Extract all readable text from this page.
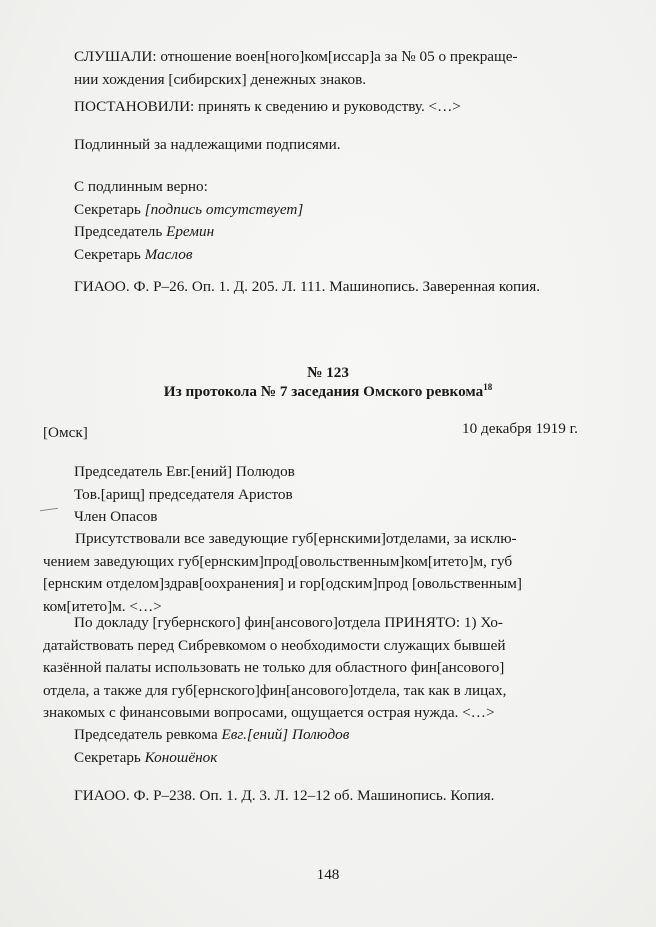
СЛУШАЛИ: отношение воен[ного]ком[иссар]а за № 05 о прекраще-
нии хождения [сибирских] денежных знаков.
ПОСТАНОВИЛИ: принять к сведению и руководству. <…>
Подлинный за надлежащими подписями.
С подлинным верно:
Секретарь [подпись отсутствует]
Председатель Еремин
Секретарь Маслов
ГИАОО. Ф. Р–26. Оп. 1. Д. 205. Л. 111. Машинопись. Заверенная копия.
№ 123
Из протокола № 7 заседания Омского ревкома$^{18}$
[Омск]	10 декабря 1919 г.
Председатель Евг.[ений] Полюдов
Тов.[арищ] председателя Аристов
Член Опасов
Присутствовали все заведующие губ[ернскими]отделами, за исклю-
чением заведующих губ[ернским]прод[овольственным]ком[итето]м, губ
[ернским отделом]здрав[оохранения] и гор[одским]прод [овольственным]
ком[итето]м. <…>
По докладу [губернского] фин[ансового]отдела ПРИНЯТО: 1) Хо-
датайствовать перед Сибревкомом о необходимости служащих бывшей
казённой палаты использовать не только для областного фин[ансового]
отдела, а также для губ[ернского]фин[ансового]отдела, так как в лицах,
знакомых с финансовыми вопросами, ощущается острая нужда. <…>
Председатель ревкома Евг.[ений] Полюдов
Секретарь Коношёнок
ГИАОО. Ф. Р–238. Оп. 1. Д. 3. Л. 12–12 об. Машинопись. Копия.
148
